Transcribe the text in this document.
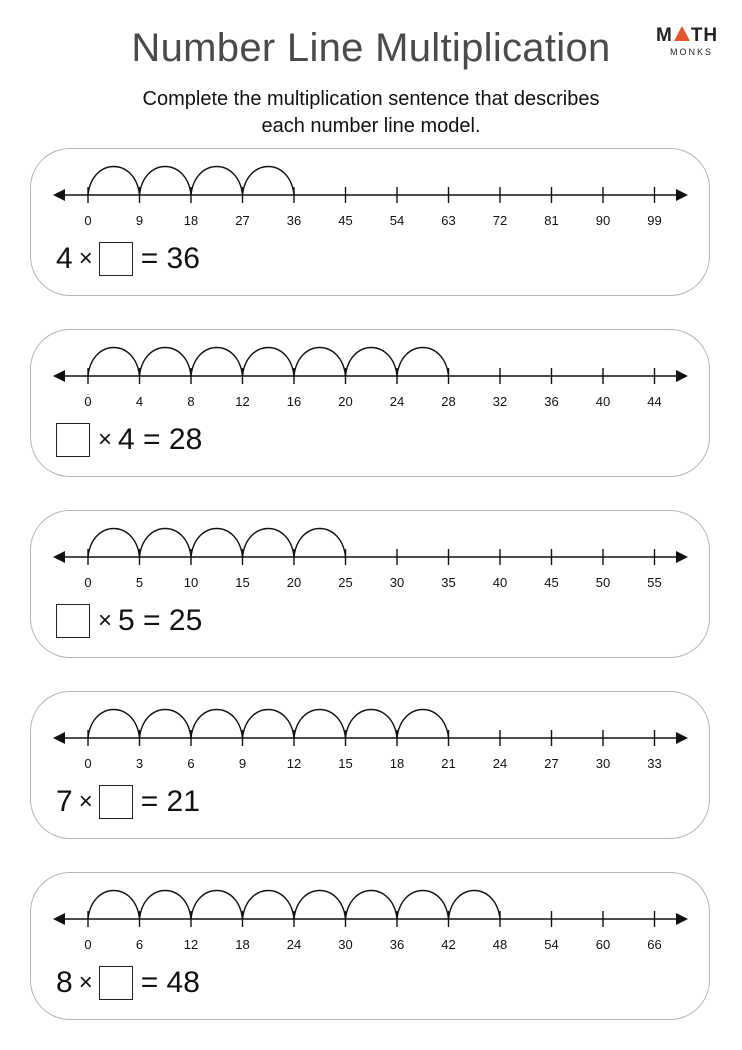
Number Line Multiplication
Complete the multiplication sentence that describes
each number line model.
M TH
MONKS
0	9	18	27	36	45	54	63	72	81	90	99
4 × = 36
0	4	8	12	16	20	24	28	32	36	40	44
× 4 = 28
0	5	10	15	20	25	30	35	40	45	50	55
× 5 = 25
0	3	6	9	12	15	18	21	24	27	30	33
7 × = 21
0	6	12	18	24	30	36	42	48	54	60	66
8 × = 48
